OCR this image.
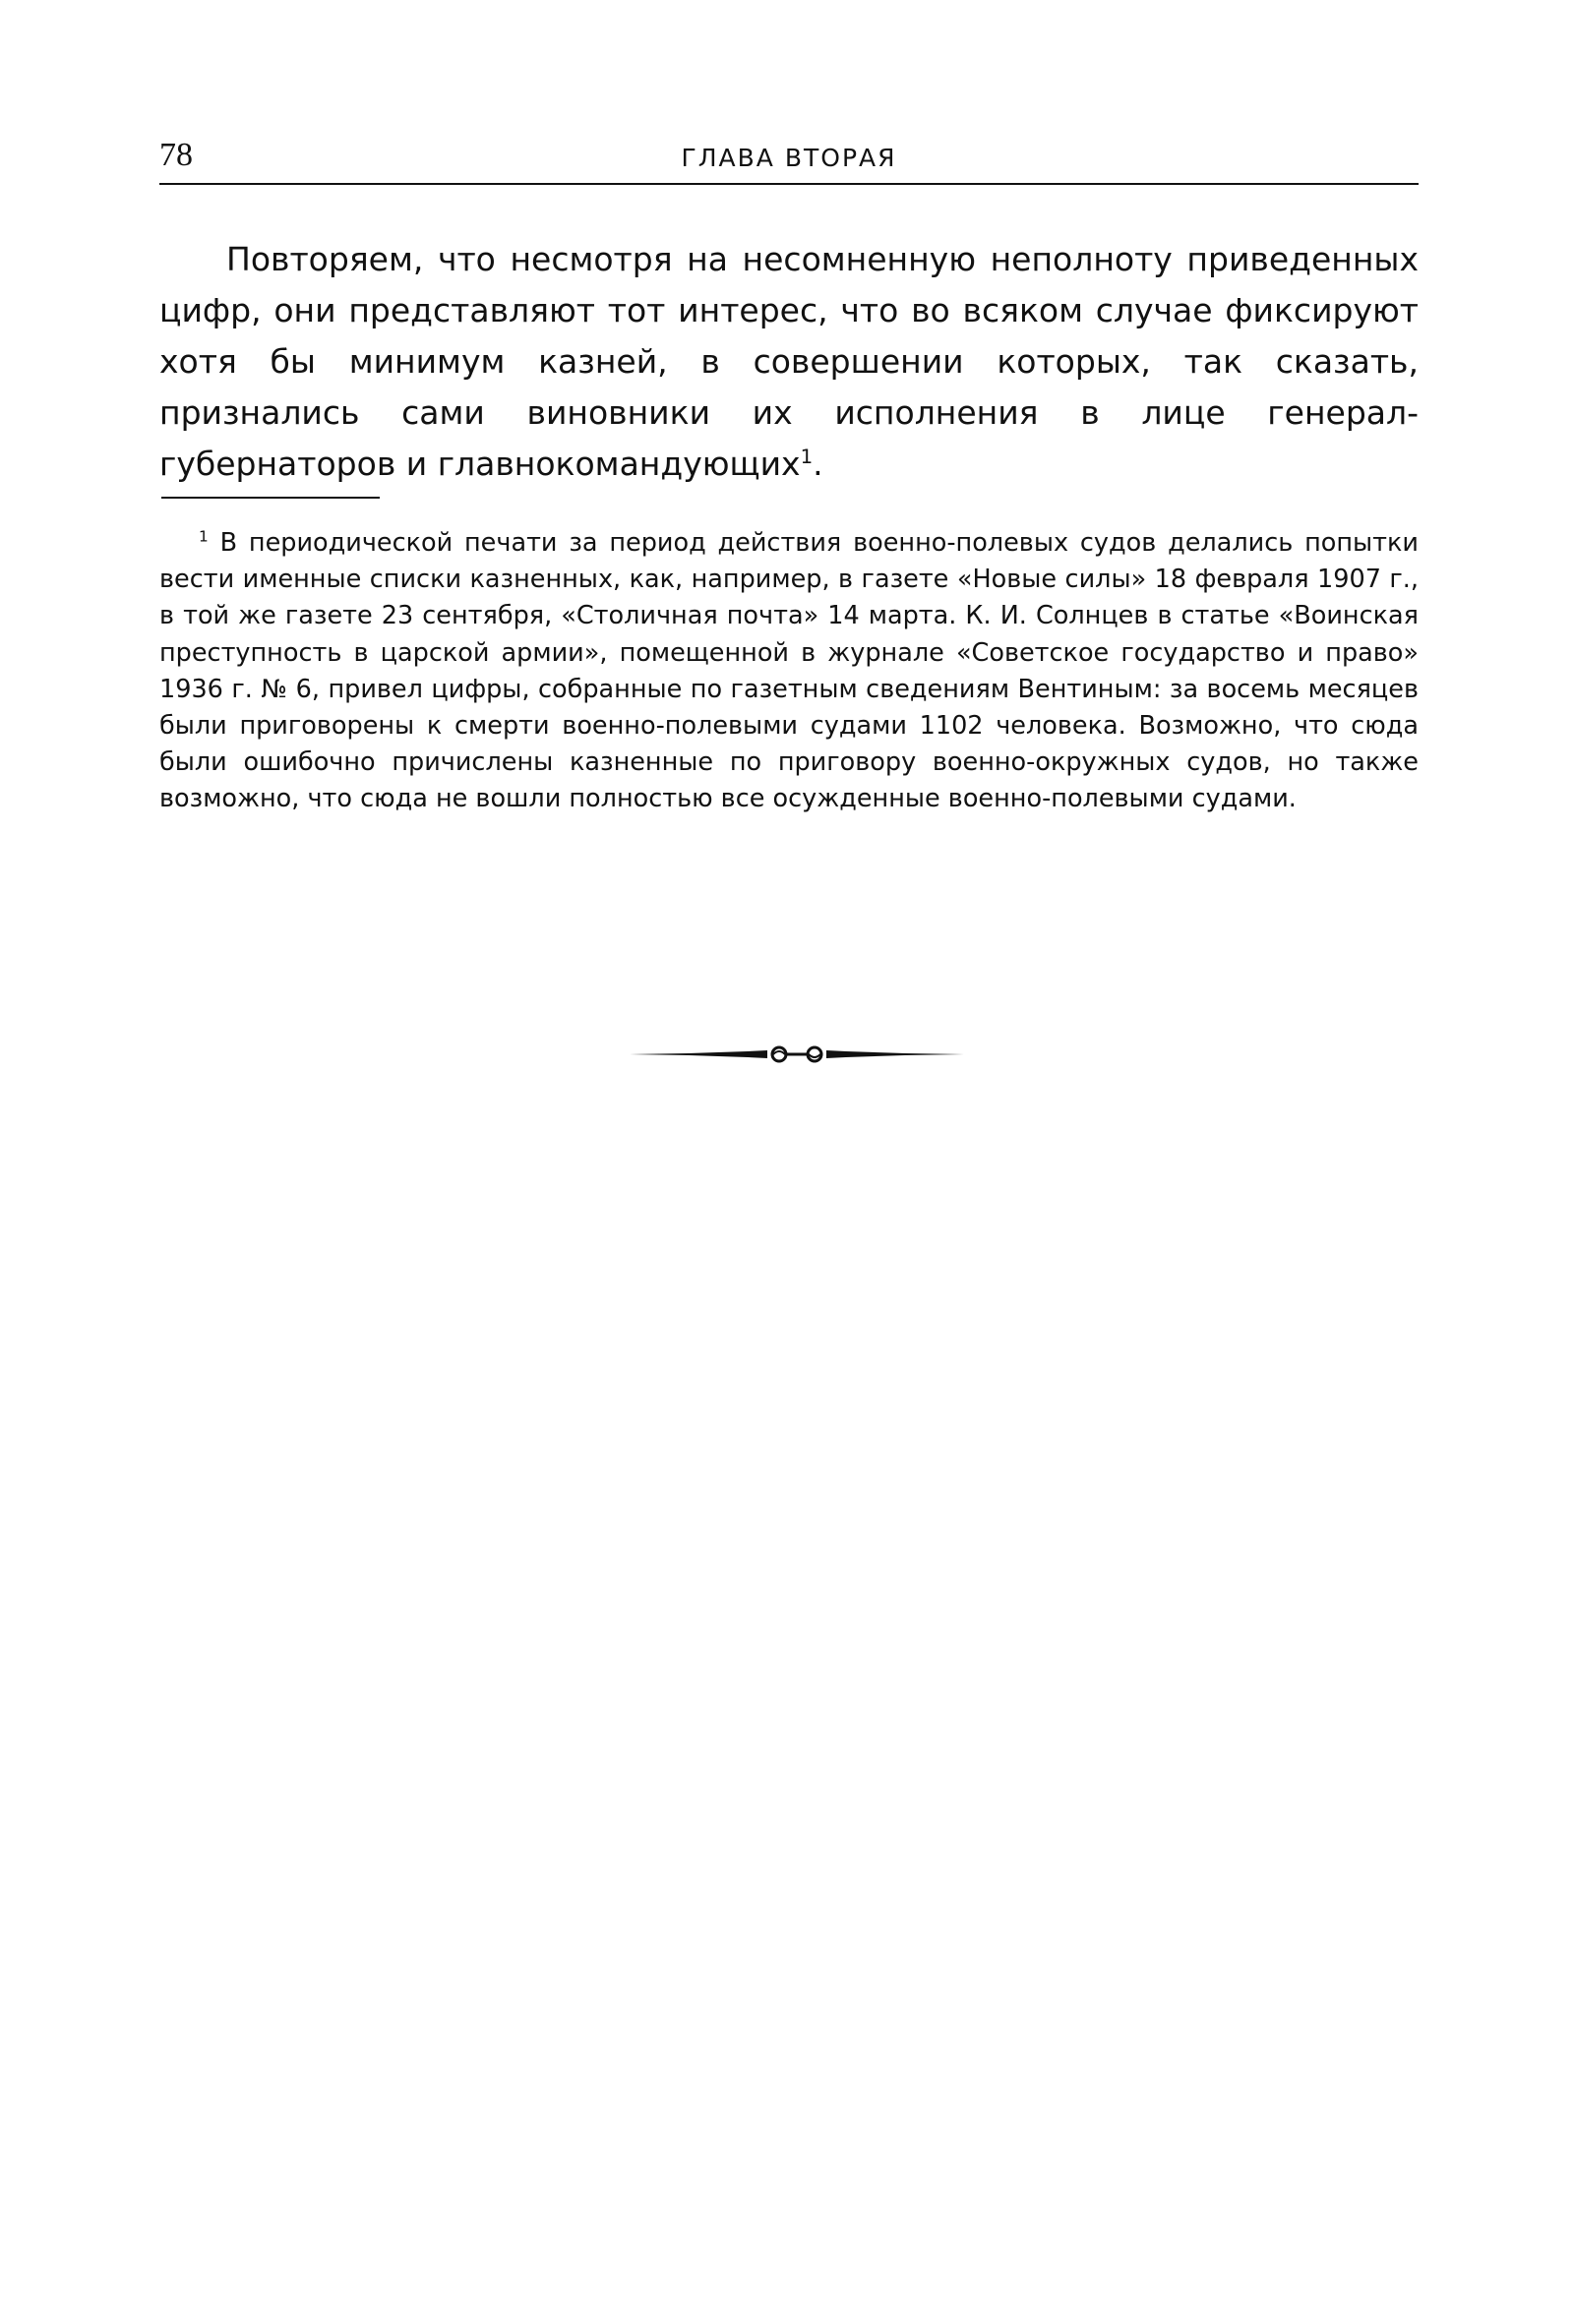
78	ГЛАВА ВТОРАЯ

Повторяем, что несмотря на несомненную неполноту приведенных цифр, они представляют тот интерес, что во всяком случае фиксируют хотя бы минимум казней, в совершении которых, так сказать, признались сами виновники их исполнения в лице генерал-губернаторов и главнокомандующих$^1$.

$^1$ В периодической печати за период действия военно-полевых судов делались попытки вести именные списки казненных, как, например, в газете «Новые силы» 18 февраля 1907 г., в той же газете 23 сентября, «Столичная почта» 14 марта. К. И. Солнцев в статье «Воинская преступность в царской армии», помещенной в журнале «Советское государство и право» 1936 г. № 6, привел цифры, собранные по газетным сведениям Вентиным: за восемь месяцев были приговорены к смерти военно-полевыми судами 1102 человека. Возможно, что сюда были ошибочно причислены казненные по приговору военно-окружных судов, но также возможно, что сюда не вошли полностью все осужденные военно-полевыми судами.
